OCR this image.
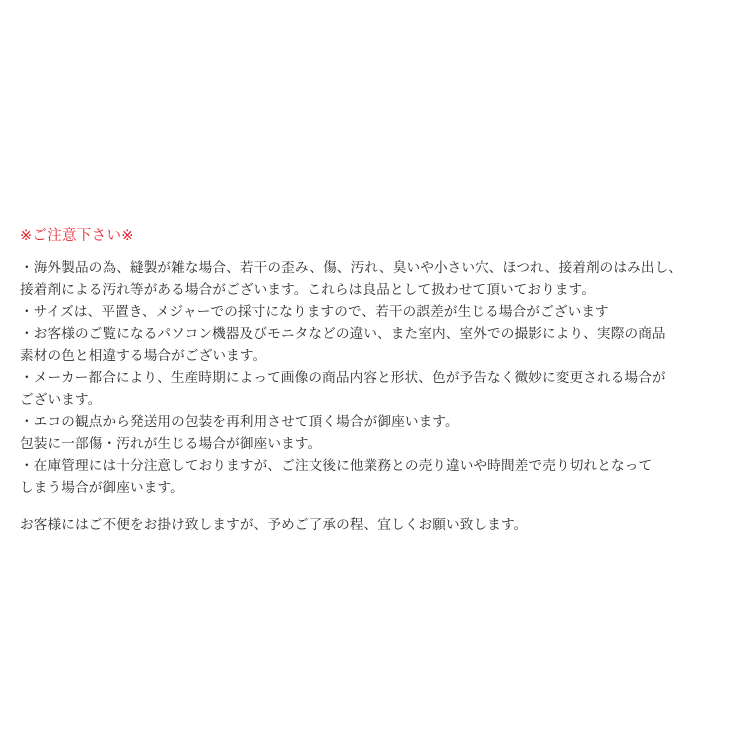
※ご注意下さい※

・海外製品の為、縫製が雑な場合、若干の歪み、傷、汚れ、臭いや小さい穴、ほつれ、接着剤のはみ出し、

接着剤による汚れ等がある場合がございます。これらは良品として扱わせて頂いております。

・サイズは、平置き、メジャーでの採寸になりますので、若干の誤差が生じる場合がございます

・お客様のご覧になるパソコン機器及びモニタなどの違い、また室内、室外での撮影により、実際の商品

素材の色と相違する場合がございます。

・メーカー都合により、生産時期によって画像の商品内容と形状、色が予告なく微妙に変更される場合が

ございます。

・エコの観点から発送用の包装を再利用させて頂く場合が御座います。

包装に一部傷・汚れが生じる場合が御座います。

・在庫管理には十分注意しておりますが、ご注文後に他業務との売り違いや時間差で売り切れとなって

しまう場合が御座います。

お客様にはご不便をお掛け致しますが、予めご了承の程、宜しくお願い致します。
